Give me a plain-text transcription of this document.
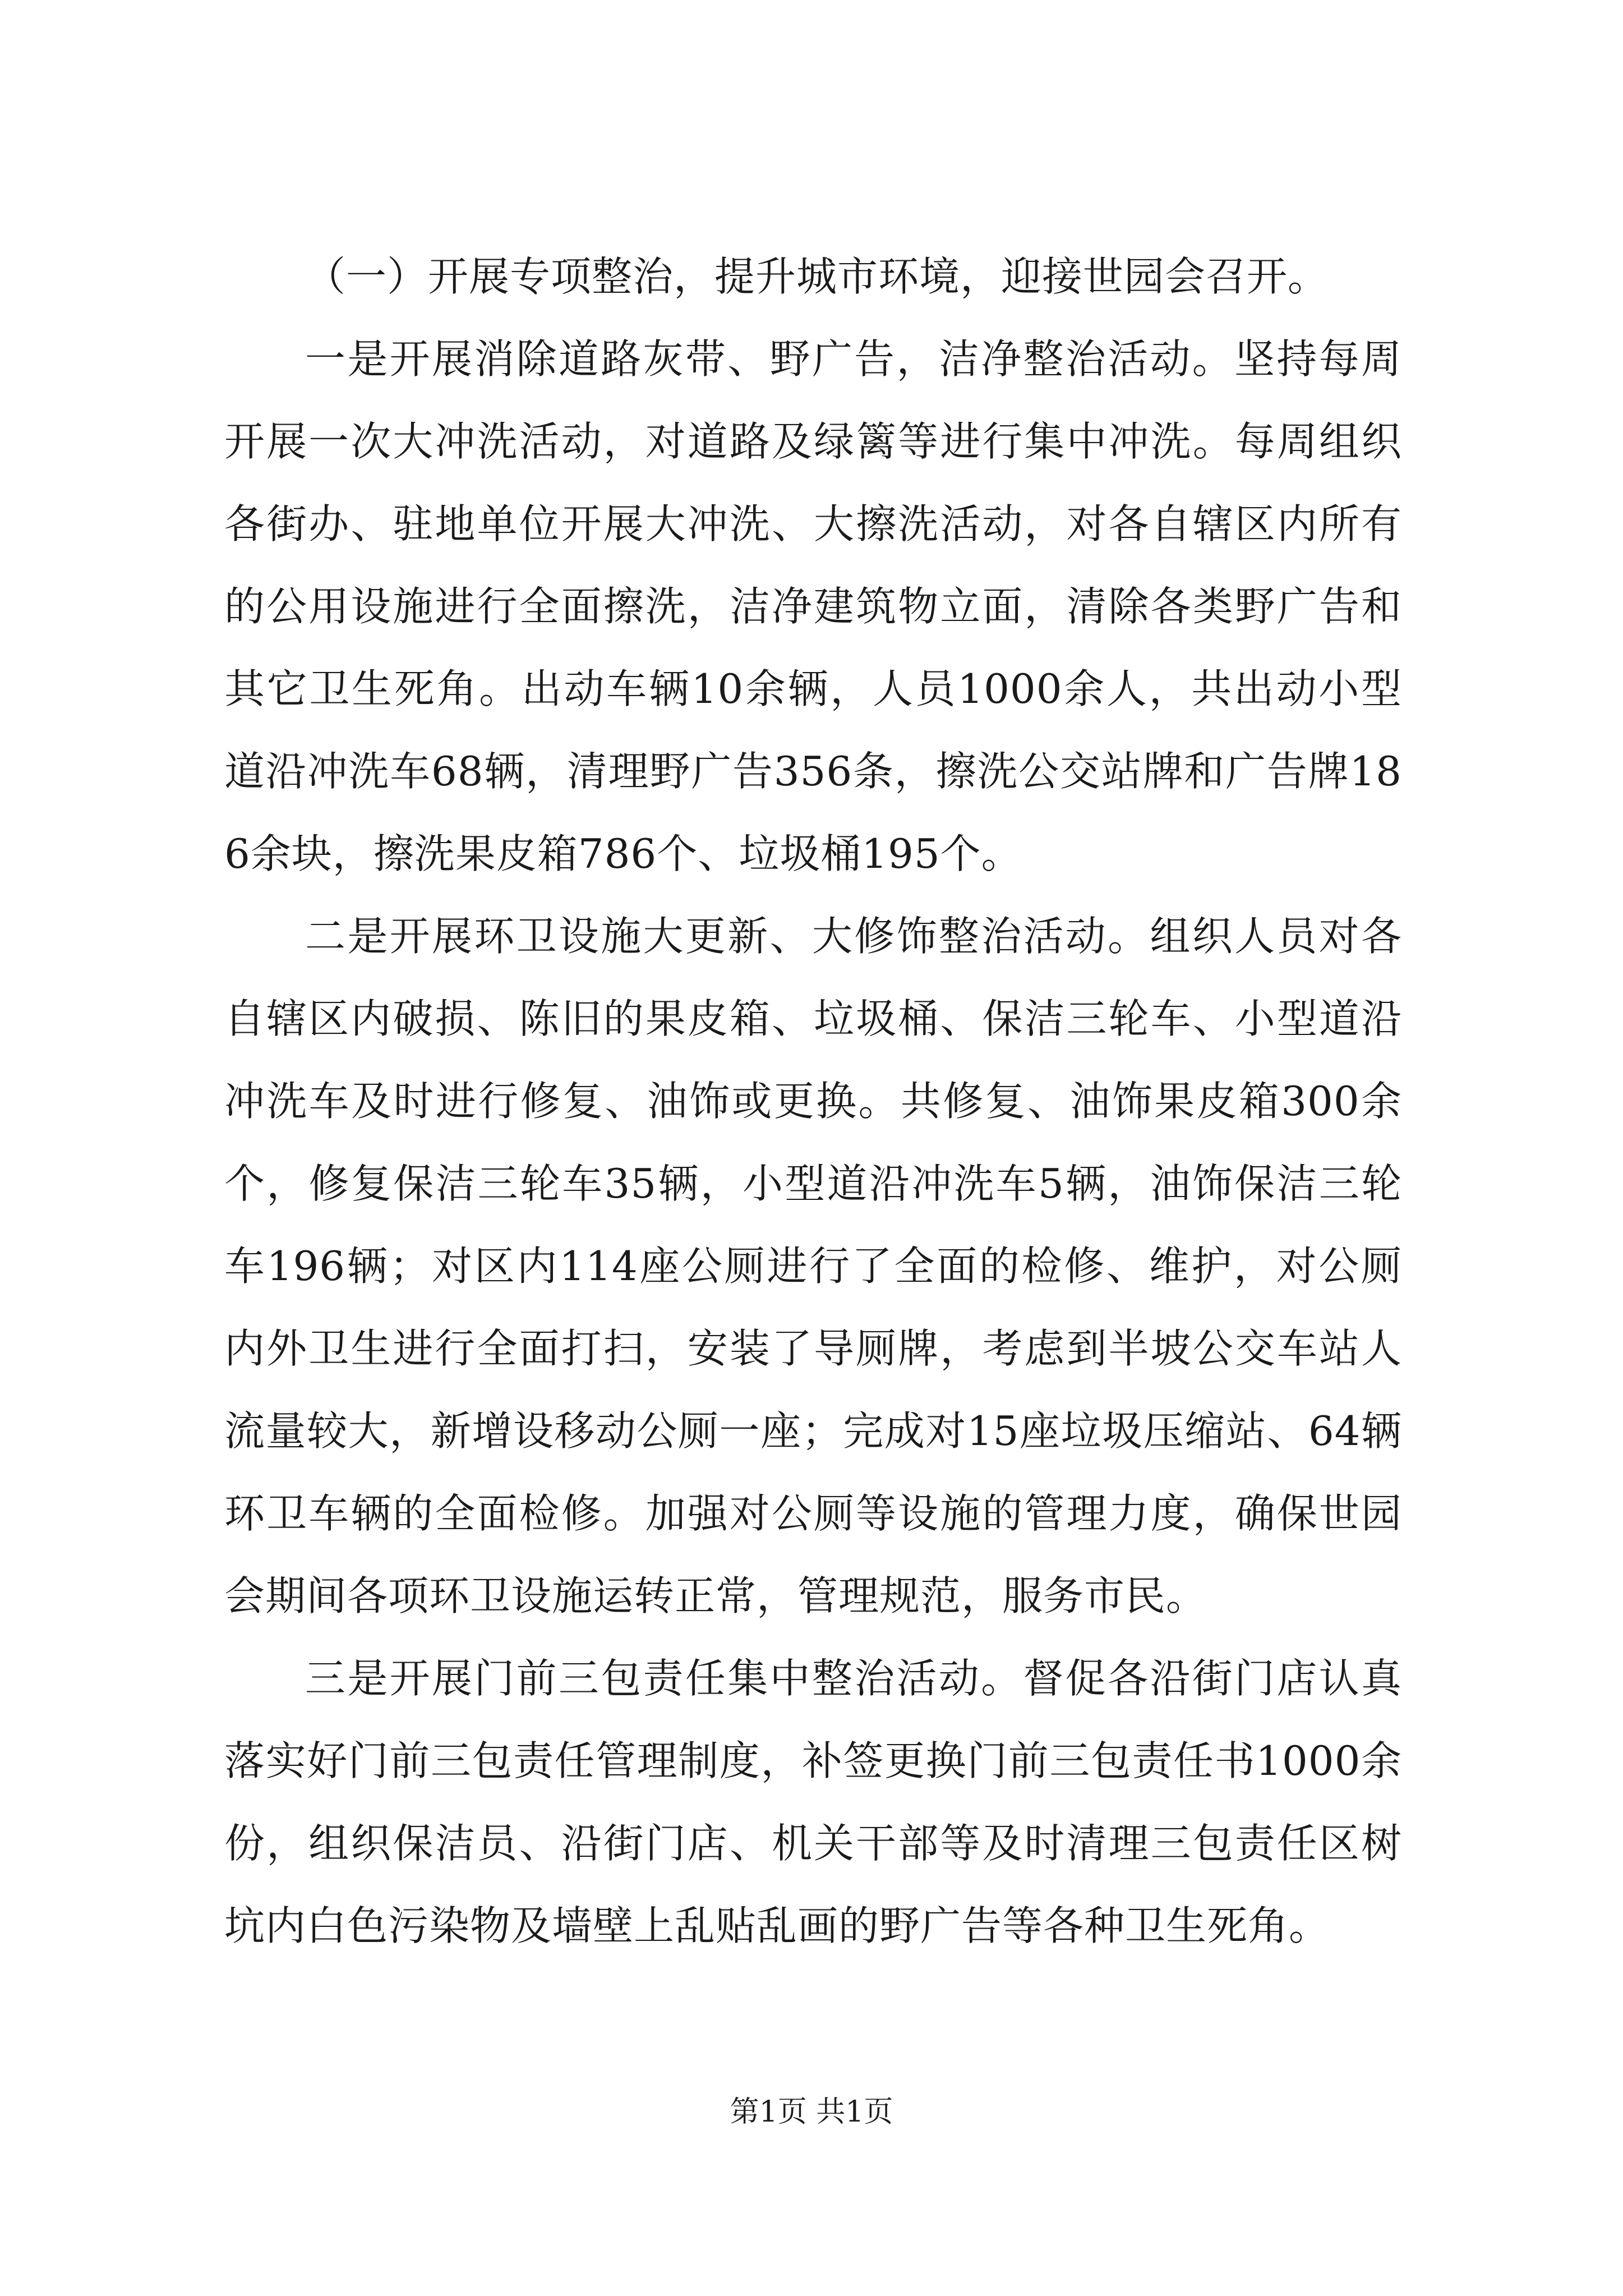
（一）开展专项整治，提升城市环境，迎接世园会召开。

一是开展消除道路灰带、野广告，洁净整治活动。坚持每周开展一次大冲洗活动，对道路及绿篱等进行集中冲洗。每周组织各街办、驻地单位开展大冲洗、大擦洗活动，对各自辖区内所有的公用设施进行全面擦洗，洁净建筑物立面，清除各类野广告和其它卫生死角。出动车辆10余辆，人员1000余人，共出动小型道沿冲洗车68辆，清理野广告356条，擦洗公交站牌和广告牌186余块，擦洗果皮箱786个、垃圾桶195个。

二是开展环卫设施大更新、大修饰整治活动。组织人员对各自辖区内破损、陈旧的果皮箱、垃圾桶、保洁三轮车、小型道沿冲洗车及时进行修复、油饰或更换。共修复、油饰果皮箱300余个，修复保洁三轮车35辆，小型道沿冲洗车5辆，油饰保洁三轮车196辆；对区内114座公厕进行了全面的检修、维护，对公厕内外卫生进行全面打扫，安装了导厕牌，考虑到半坡公交车站人流量较大，新增设移动公厕一座；完成对15座垃圾压缩站、64辆环卫车辆的全面检修。加强对公厕等设施的管理力度，确保世园会期间各项环卫设施运转正常，管理规范，服务市民。

三是开展门前三包责任集中整治活动。督促各沿街门店认真落实好门前三包责任管理制度，补签更换门前三包责任书1000余份，组织保洁员、沿街门店、机关干部等及时清理三包责任区树坑内白色污染物及墙壁上乱贴乱画的野广告等各种卫生死角。

第1页 共1页
